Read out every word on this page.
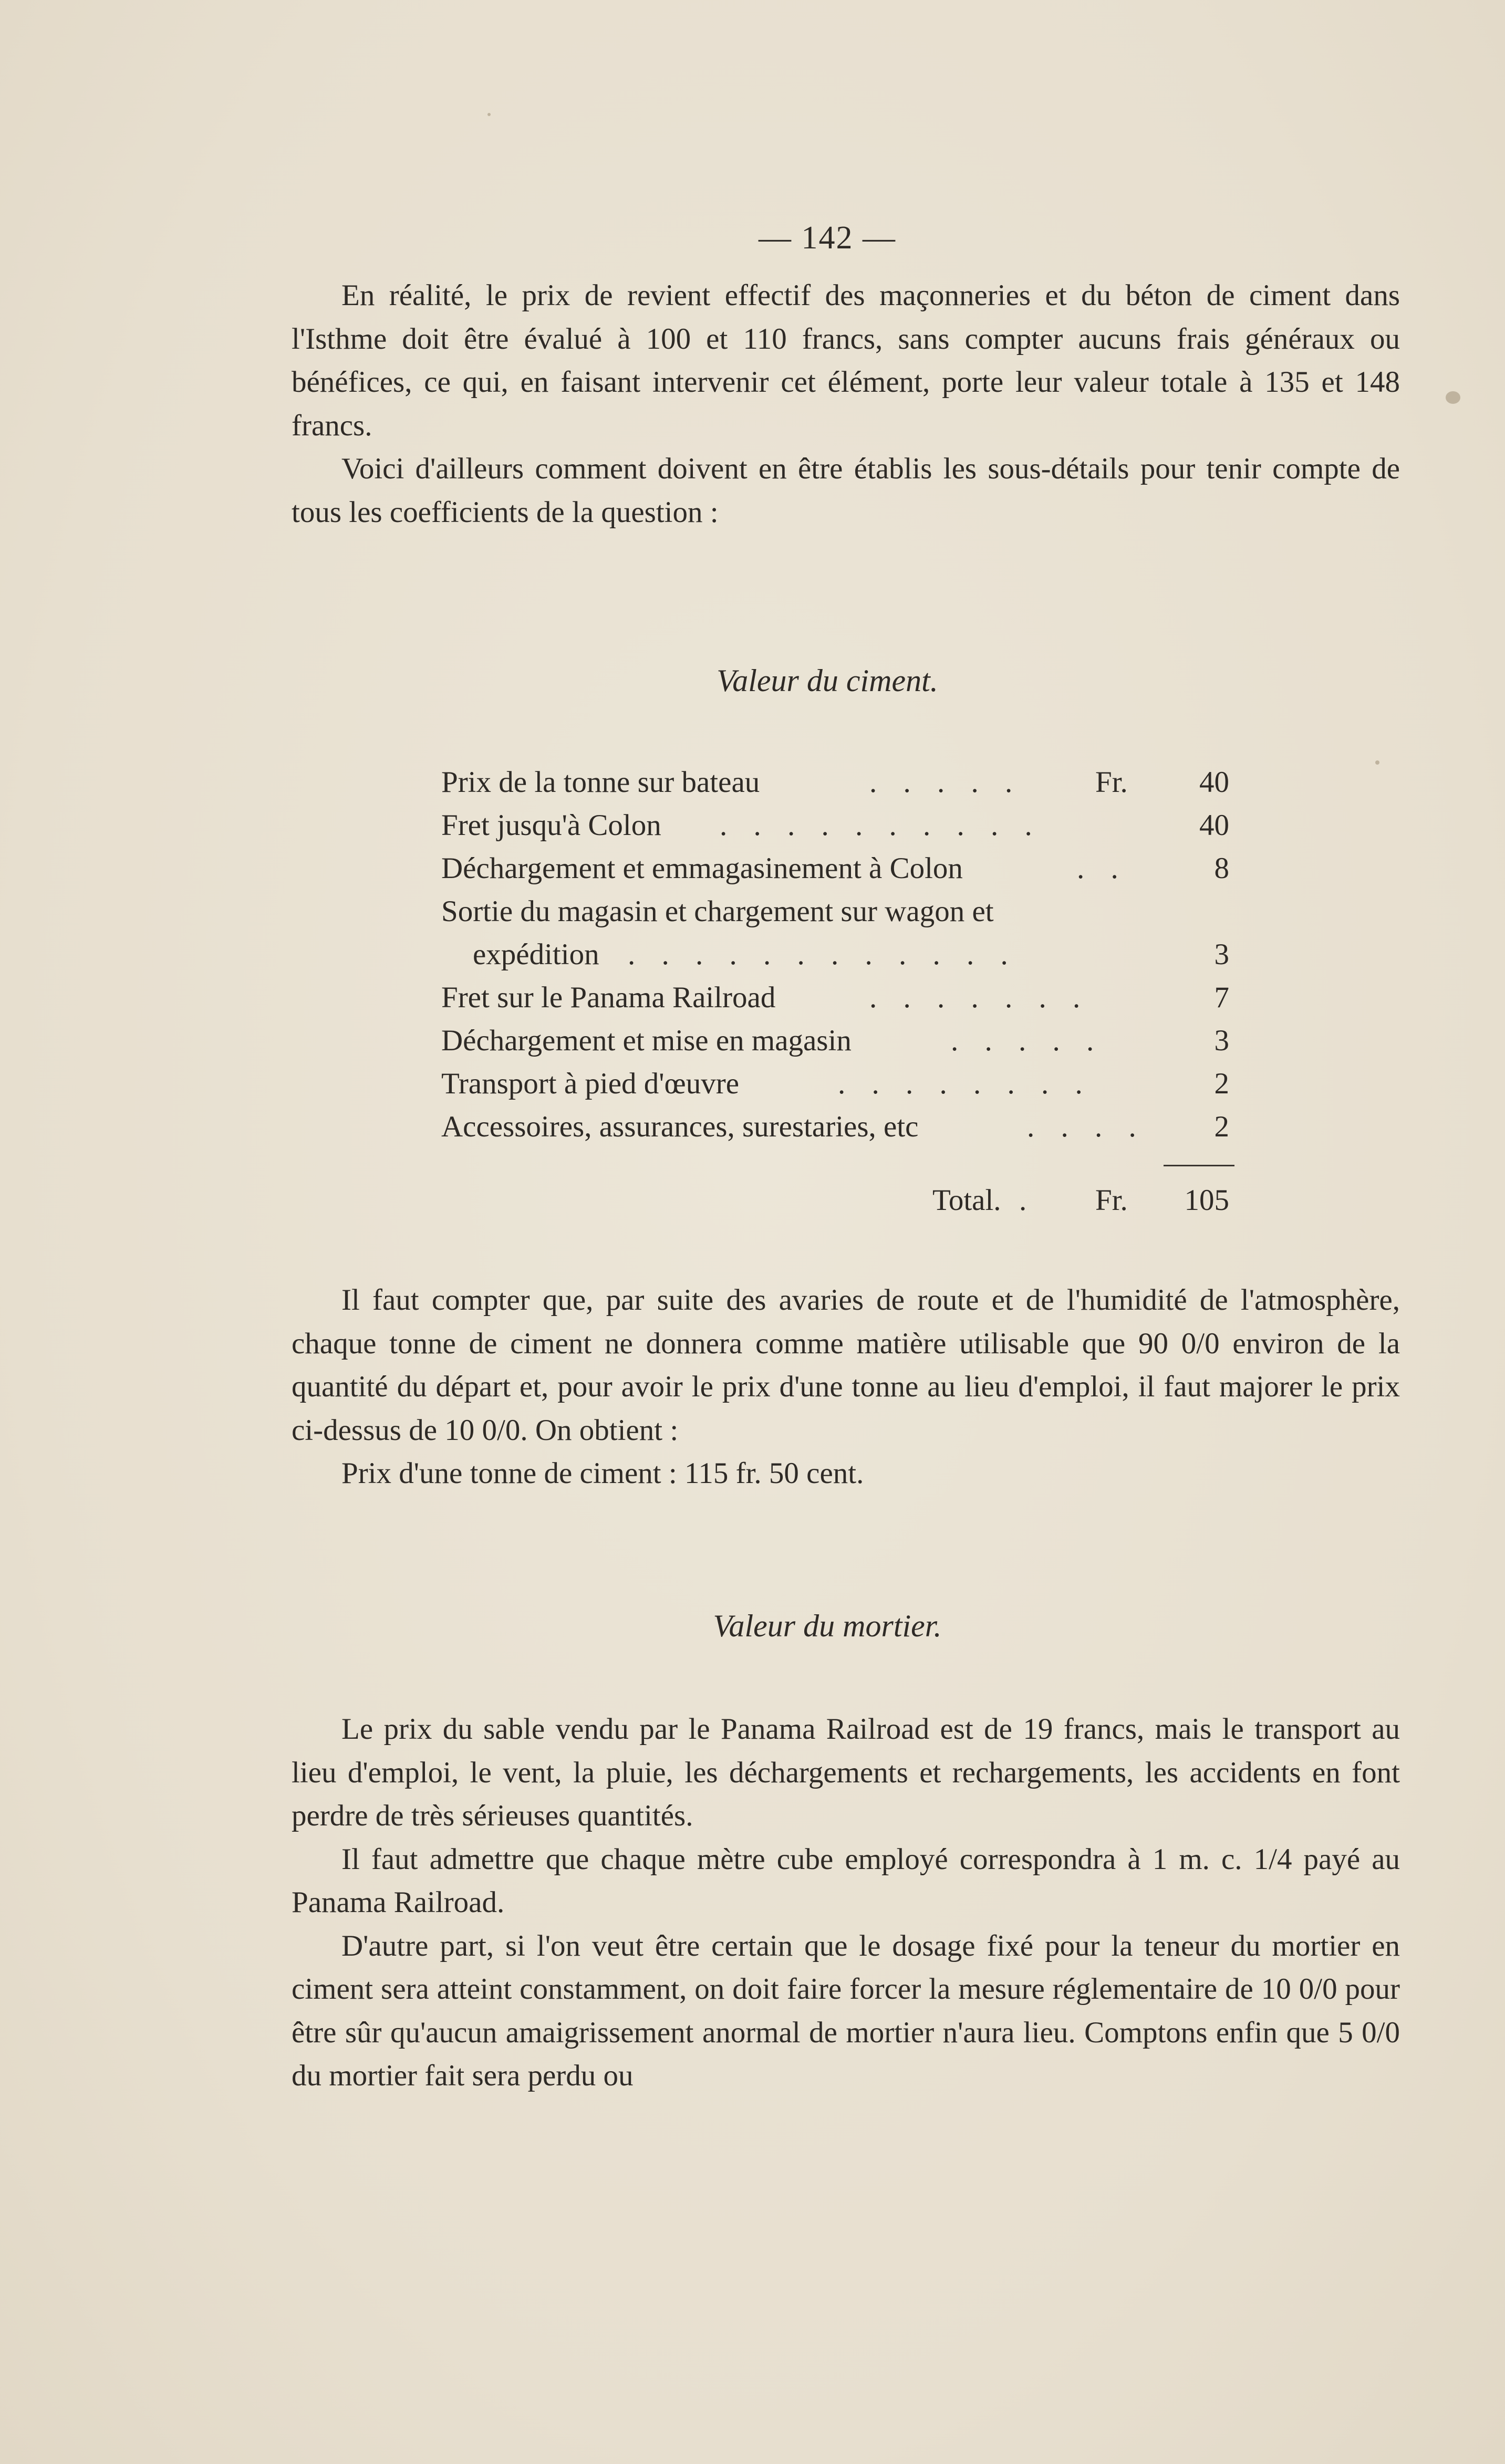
— 142 —

En réalité, le prix de revient effectif des maçonneries et du béton de ciment dans l'Isthme doit être évalué à 100 et 110 francs, sans compter aucuns frais généraux ou bénéfices, ce qui, en faisant intervenir cet élément, porte leur valeur totale à 135 et 148 francs.

Voici d'ailleurs comment doivent en être établis les sous-détails pour tenir compte de tous les coefficients de la question :

Valeur du ciment.
Prix de la tonne sur bateau	. . . . . Fr.	40
Fret jusqu'à Colon . . . . . . . . . .	40
Déchargement et emmagasinement à Colon	. .	8
Sortie du magasin et chargement sur wagon et
expédition . . . . . . . . . . . .	3
Fret sur le Panama Railroad	. . . . . . .	7
Déchargement et mise en magasin	. . . . .	3
Transport à pied d'œuvre	. . . . . . . .	2
Accessoires, assurances, surestaries, etc	. . . .	2
Total. . Fr.	105

Il faut compter que, par suite des avaries de route et de l'humidité de l'atmosphère, chaque tonne de ciment ne donnera comme matière utilisable que 90 0/0 environ de la quantité du départ et, pour avoir le prix d'une tonne au lieu d'emploi, il faut majorer le prix ci-dessus de 10 0/0. On obtient :

Prix d'une tonne de ciment : 115 fr. 50 cent.

Valeur du mortier.

Le prix du sable vendu par le Panama Railroad est de 19 francs, mais le transport au lieu d'emploi, le vent, la pluie, les déchargements et rechargements, les accidents en font perdre de très sérieuses quantités.

Il faut admettre que chaque mètre cube employé correspondra à 1 m. c. 1/4 payé au Panama Railroad.

D'autre part, si l'on veut être certain que le dosage fixé pour la teneur du mortier en ciment sera atteint constamment, on doit faire forcer la mesure réglementaire de 10 0/0 pour être sûr qu'aucun amaigrissement anormal de mortier n'aura lieu. Comptons enfin que 5 0/0 du mortier fait sera perdu ou
